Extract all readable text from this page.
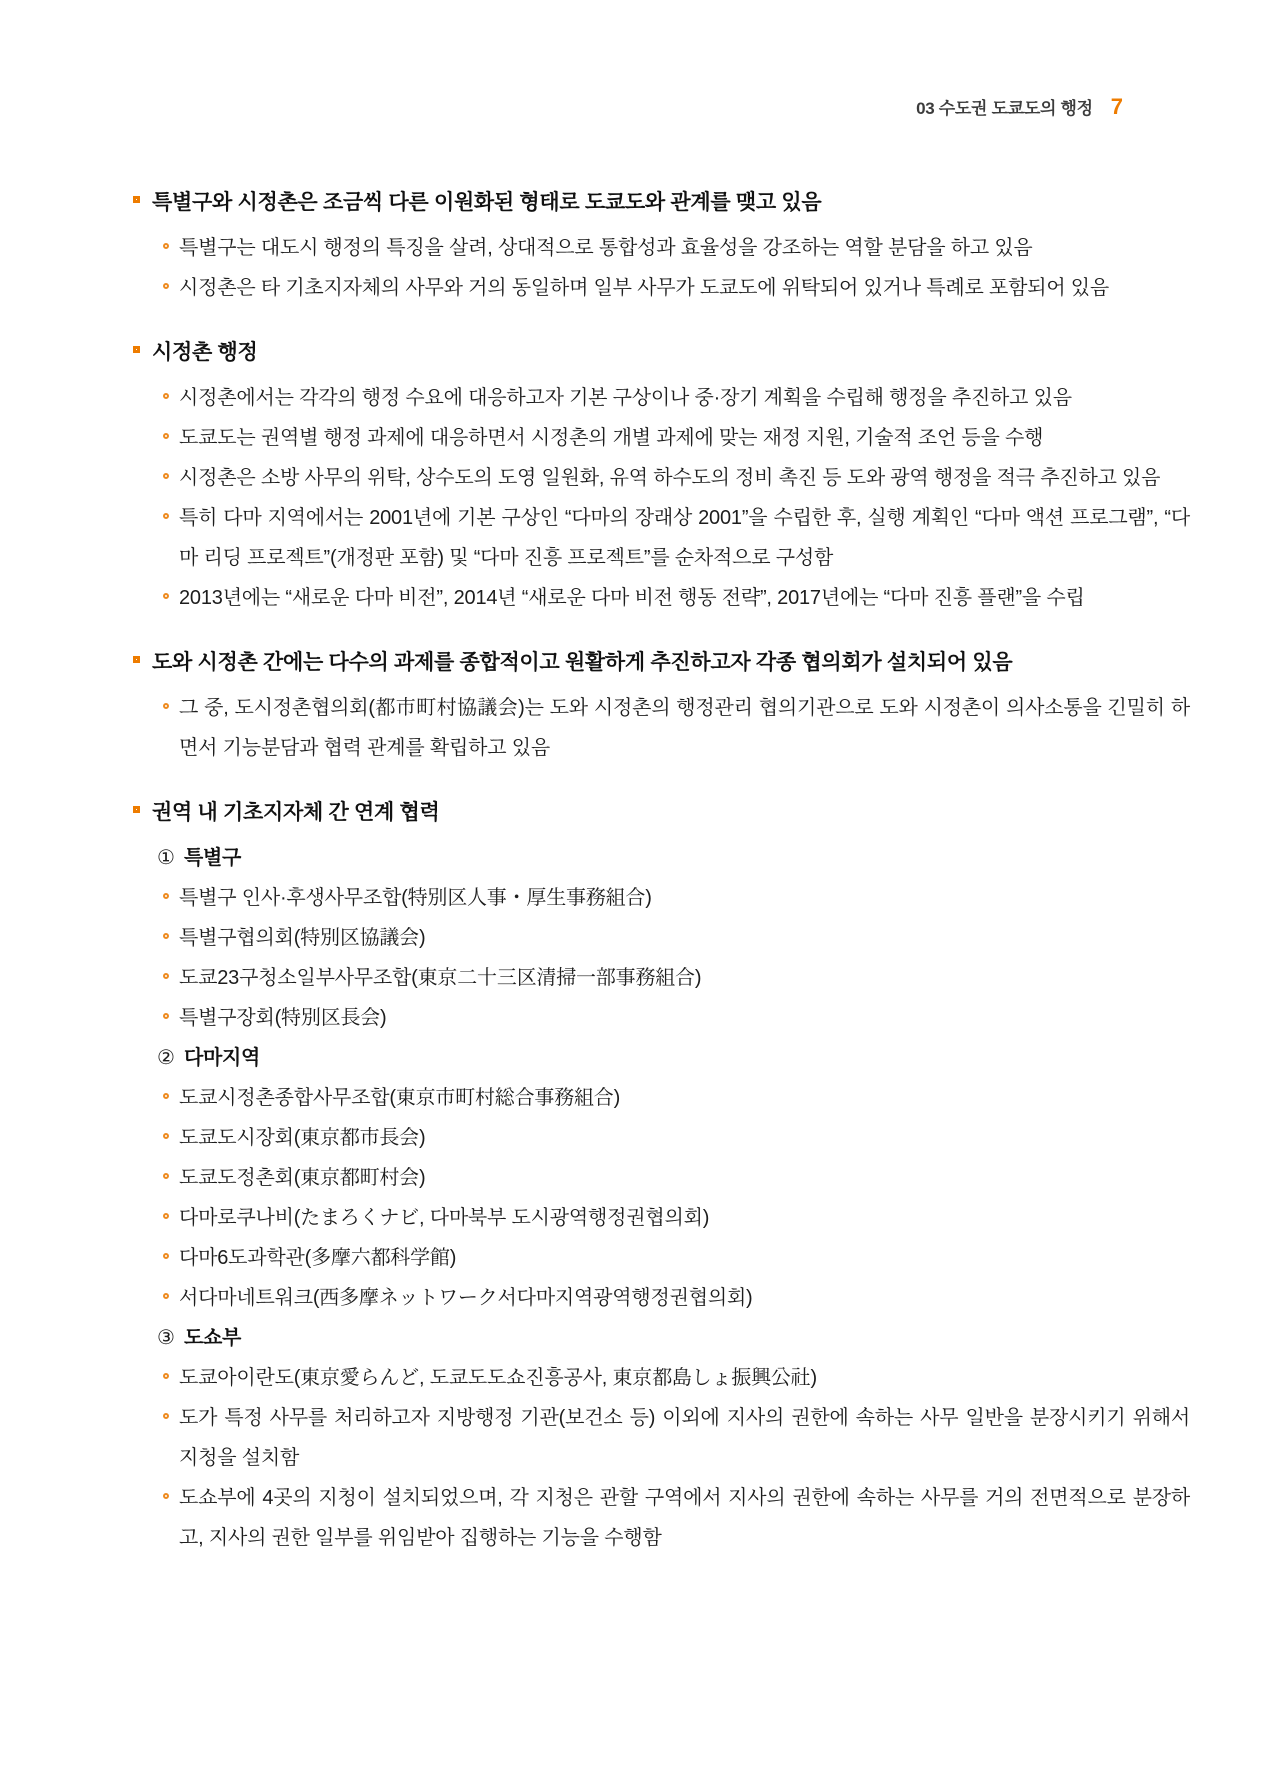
03 수도권 도쿄도의 행정 7
특별구와 시정촌은 조금씩 다른 이원화된 형태로 도쿄도와 관계를 맺고 있음
특별구는 대도시 행정의 특징을 살려, 상대적으로 통합성과 효율성을 강조하는 역할 분담을 하고 있음
시정촌은 타 기초지자체의 사무와 거의 동일하며 일부 사무가 도쿄도에 위탁되어 있거나 특례로 포함되어 있음
시정촌 행정
시정촌에서는 각각의 행정 수요에 대응하고자 기본 구상이나 중·장기 계획을 수립해 행정을 추진하고 있음
도쿄도는 권역별 행정 과제에 대응하면서 시정촌의 개별 과제에 맞는 재정 지원, 기술적 조언 등을 수행
시정촌은 소방 사무의 위탁, 상수도의 도영 일원화, 유역 하수도의 정비 촉진 등 도와 광역 행정을 적극 추진하고 있음
특히 다마 지역에서는 2001년에 기본 구상인 “다마의 장래상 2001”을 수립한 후, 실행 계획인 “다마 액션 프로그램”, “다마 리딩 프로젝트”(개정판 포함) 및 “다마 진흥 프로젝트”를 순차적으로 구성함
2013년에는 “새로운 다마 비전”, 2014년 “새로운 다마 비전 행동 전략”, 2017년에는 “다마 진흥 플랜”을 수립
도와 시정촌 간에는 다수의 과제를 종합적이고 원활하게 추진하고자 각종 협의회가 설치되어 있음
그 중, 도시정촌협의회(都市町村協議会)는 도와 시정촌의 행정관리 협의기관으로 도와 시정촌이 의사소통을 긴밀히 하면서 기능분담과 협력 관계를 확립하고 있음
권역 내 기초지자체 간 연계 협력
① 특별구
특별구 인사·후생사무조합(特別区人事・厚生事務組合)
특별구협의회(特別区協議会)
도쿄23구청소일부사무조합(東京二十三区清掃一部事務組合)
특별구장회(特別区長会)
② 다마지역
도쿄시정촌종합사무조합(東京市町村総合事務組合)
도쿄도시장회(東京都市長会)
도쿄도정촌회(東京都町村会)
다마로쿠나비(たまろくナビ, 다마북부 도시광역행정권협의회)
다마6도과학관(多摩六都科学館)
서다마네트워크(西多摩ネットワーク서다마지역광역행정권협의회)
③ 도쇼부
도쿄아이란도(東京愛らんど, 도쿄도도쇼진흥공사, 東京都島しょ振興公社)
도가 특정 사무를 처리하고자 지방행정 기관(보건소 등) 이외에 지사의 권한에 속하는 사무 일반을 분장시키기 위해서 지청을 설치함
도쇼부에 4곳의 지청이 설치되었으며, 각 지청은 관할 구역에서 지사의 권한에 속하는 사무를 거의 전면적으로 분장하고, 지사의 권한 일부를 위임받아 집행하는 기능을 수행함
